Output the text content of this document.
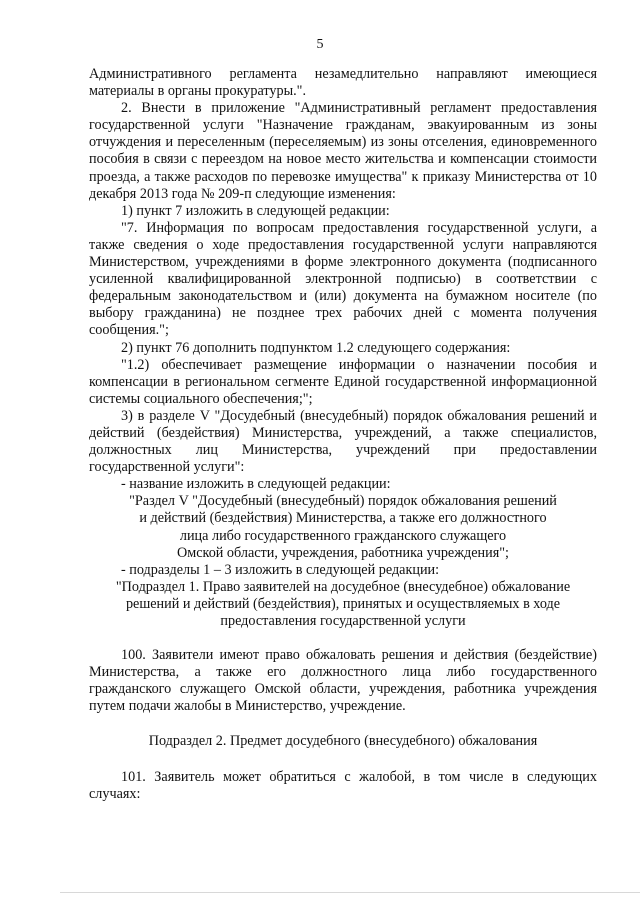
5

Административного регламента незамедлительно направляют имеющиеся материалы в органы прокуратуры.".

2. Внести в приложение "Административный регламент предоставления государственной услуги "Назначение гражданам, эвакуированным из зоны отчуждения и переселенным (переселяемым) из зоны отселения, единовременного пособия в связи с переездом на новое место жительства и компенсации стоимости проезда, а также расходов по перевозке имущества" к приказу Министерства от 10 декабря 2013 года № 209-п следующие изменения:

1) пункт 7 изложить в следующей редакции:

"7. Информация по вопросам предоставления государственной услуги, а также сведения о ходе предоставления государственной услуги направляются Министерством, учреждениями в форме электронного документа (подписанного усиленной квалифицированной электронной подписью) в соответствии с федеральным законодательством и (или) документа на бумажном носителе (по выбору гражданина) не позднее трех рабочих дней с момента получения сообщения.";

2) пункт 76 дополнить подпунктом 1.2 следующего содержания:

"1.2) обеспечивает размещение информации о назначении пособия и компенсации в региональном сегменте Единой государственной информационной системы социального обеспечения;";

3) в разделе V "Досудебный (внесудебный) порядок обжалования решений и действий (бездействия) Министерства, учреждений, а также специалистов, должностных лиц Министерства, учреждений при предоставлении государственной услуги":

- название изложить в следующей редакции:

"Раздел V "Досудебный (внесудебный) порядок обжалования решений

и действий (бездействия) Министерства, а также его должностного

лица либо государственного гражданского служащего

Омской области, учреждения, работника учреждения";

- подразделы 1 – 3 изложить в следующей редакции:

"Подраздел 1. Право заявителей на досудебное (внесудебное) обжалование

решений и действий (бездействия), принятых и осуществляемых в ходе

предоставления государственной услуги

100. Заявители имеют право обжаловать решения и действия (бездействие) Министерства, а также его должностного лица либо государственного гражданского служащего Омской области, учреждения, работника учреждения путем подачи жалобы в Министерство, учреждение.

Подраздел 2. Предмет досудебного (внесудебного) обжалования

101. Заявитель может обратиться с жалобой, в том числе в следующих случаях:
